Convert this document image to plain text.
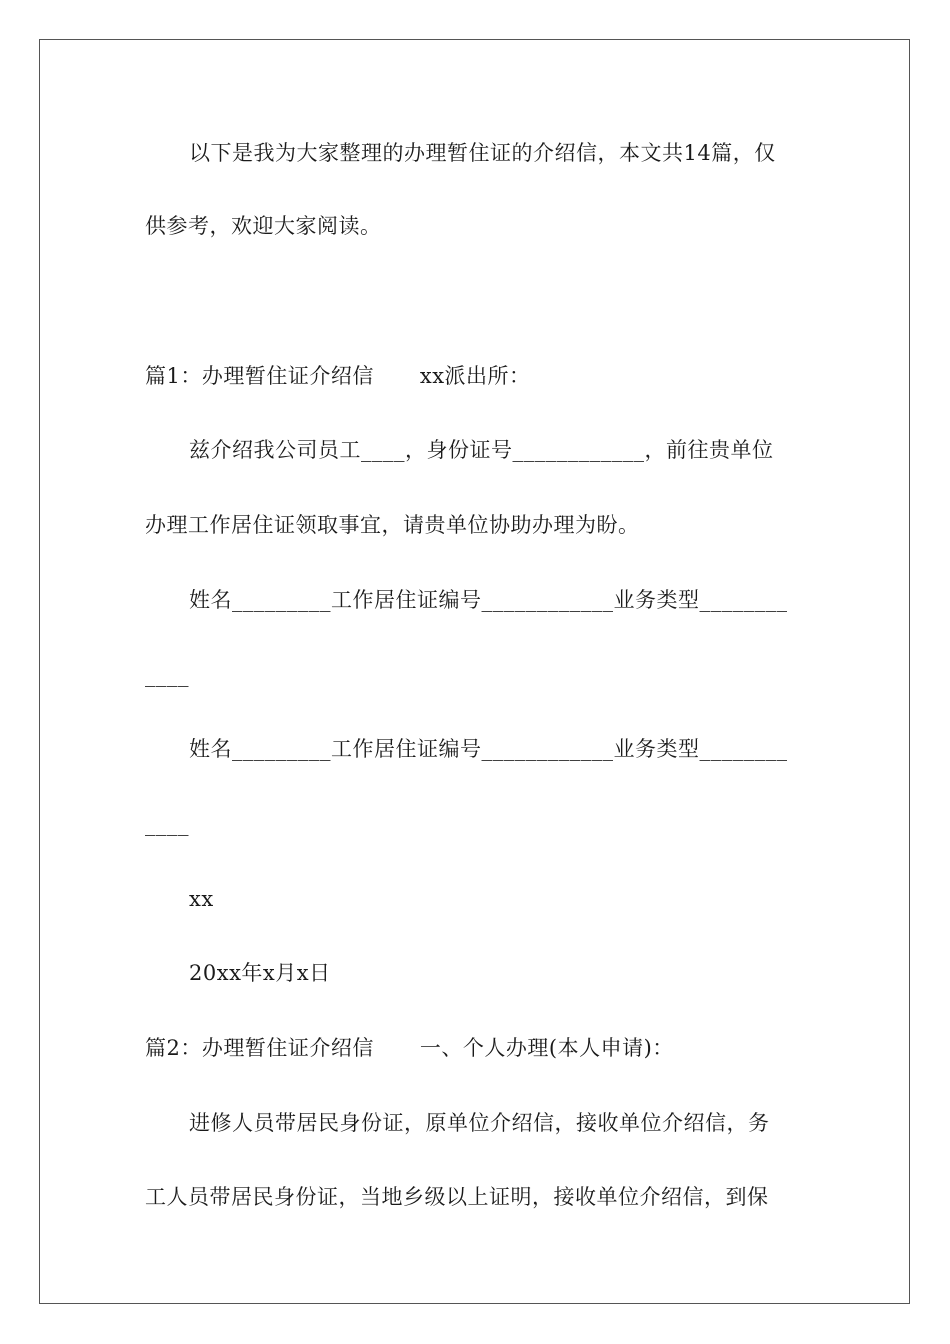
以下是我为大家整理的办理暂住证的介绍信，本文共14篇，仅
供参考，欢迎大家阅读。
篇1：办理暂住证介绍信 xx派出所：
兹介绍我公司员工____，身份证号____________，前往贵单位
办理工作居住证领取事宜，请贵单位协助办理为盼。
姓名_________工作居住证编号____________业务类型________
____
姓名_________工作居住证编号____________业务类型________
____
xx
20xx年x月x日
篇2：办理暂住证介绍信 一、个人办理(本人申请)：
进修人员带居民身份证，原单位介绍信，接收单位介绍信，务
工人员带居民身份证，当地乡级以上证明，接收单位介绍信，到保
